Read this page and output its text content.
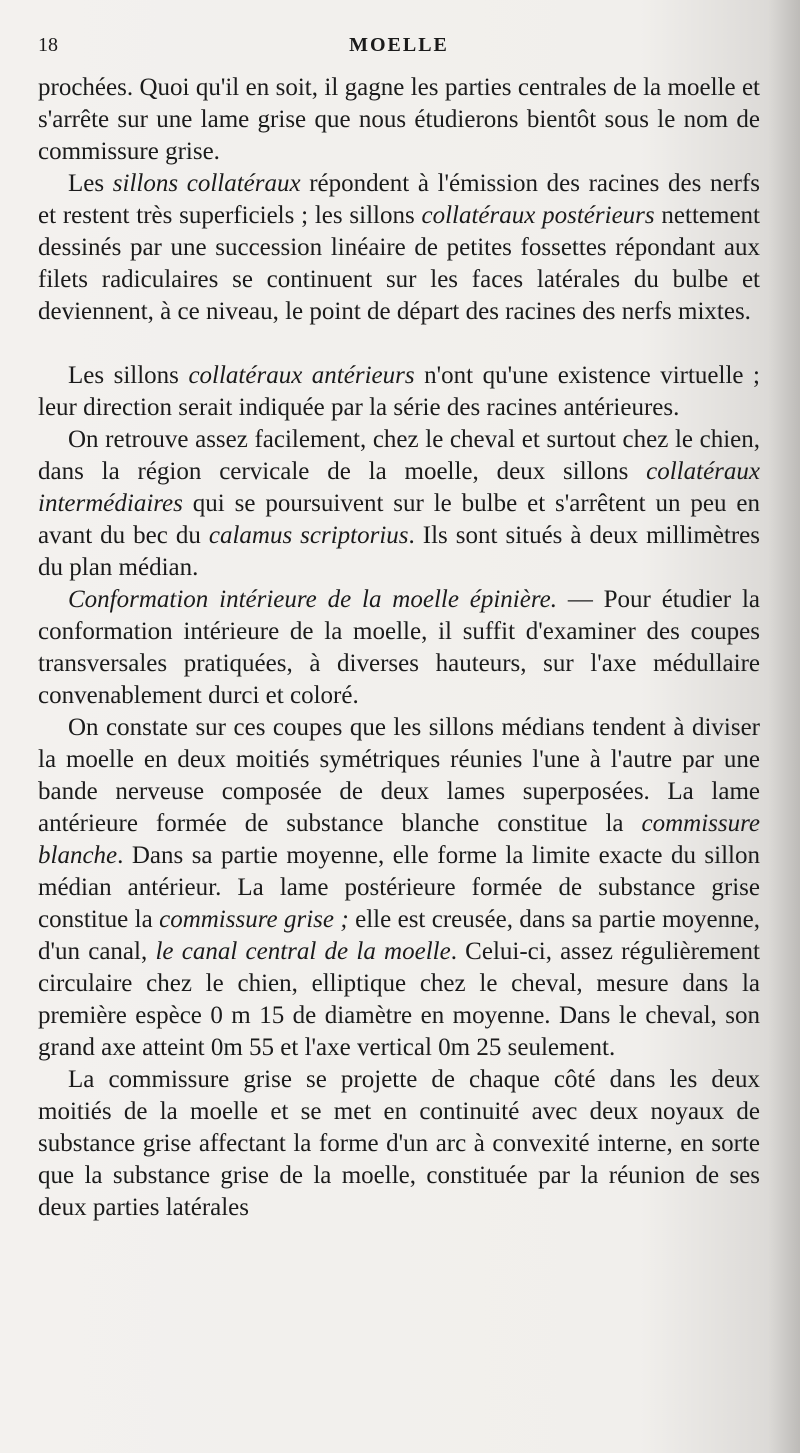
18	MOELLE

prochées. Quoi qu'il en soit, il gagne les parties centrales de la moelle et s'arrête sur une lame grise que nous étudierons bientôt sous le nom de commissure grise.

Les sillons collatéraux répondent à l'émission des racines des nerfs et restent très superficiels ; les sillons collatéraux postérieurs nettement dessinés par une succession linéaire de petites fossettes répondant aux filets radiculaires se continuent sur les faces latérales du bulbe et deviennent, à ce niveau, le point de départ des racines des nerfs mixtes.

Les sillons collatéraux antérieurs n'ont qu'une existence virtuelle ; leur direction serait indiquée par la série des racines antérieures.

On retrouve assez facilement, chez le cheval et surtout chez le chien, dans la région cervicale de la moelle, deux sillons collatéraux intermédiaires qui se poursuivent sur le bulbe et s'arrêtent un peu en avant du bec du calamus scriptorius. Ils sont situés à deux millimètres du plan médian.

Conformation intérieure de la moelle épinière. — Pour étudier la conformation intérieure de la moelle, il suffit d'examiner des coupes transversales pratiquées, à diverses hauteurs, sur l'axe médullaire convenablement durci et coloré.

On constate sur ces coupes que les sillons médians tendent à diviser la moelle en deux moitiés symétriques réunies l'une à l'autre par une bande nerveuse composée de deux lames superposées. La lame antérieure formée de substance blanche constitue la commissure blanche. Dans sa partie moyenne, elle forme la limite exacte du sillon médian antérieur. La lame postérieure formée de substance grise constitue la commissure grise ; elle est creusée, dans sa partie moyenne, d'un canal, le canal central de la moelle. Celui-ci, assez régulièrement circulaire chez le chien, elliptique chez le cheval, mesure dans la première espèce 0 m 15 de diamètre en moyenne. Dans le cheval, son grand axe atteint 0m 55 et l'axe vertical 0m 25 seulement.

La commissure grise se projette de chaque côté dans les deux moitiés de la moelle et se met en continuité avec deux noyaux de substance grise affectant la forme d'un arc à convexité interne, en sorte que la substance grise de la moelle, constituée par la réunion de ses deux parties latérales
